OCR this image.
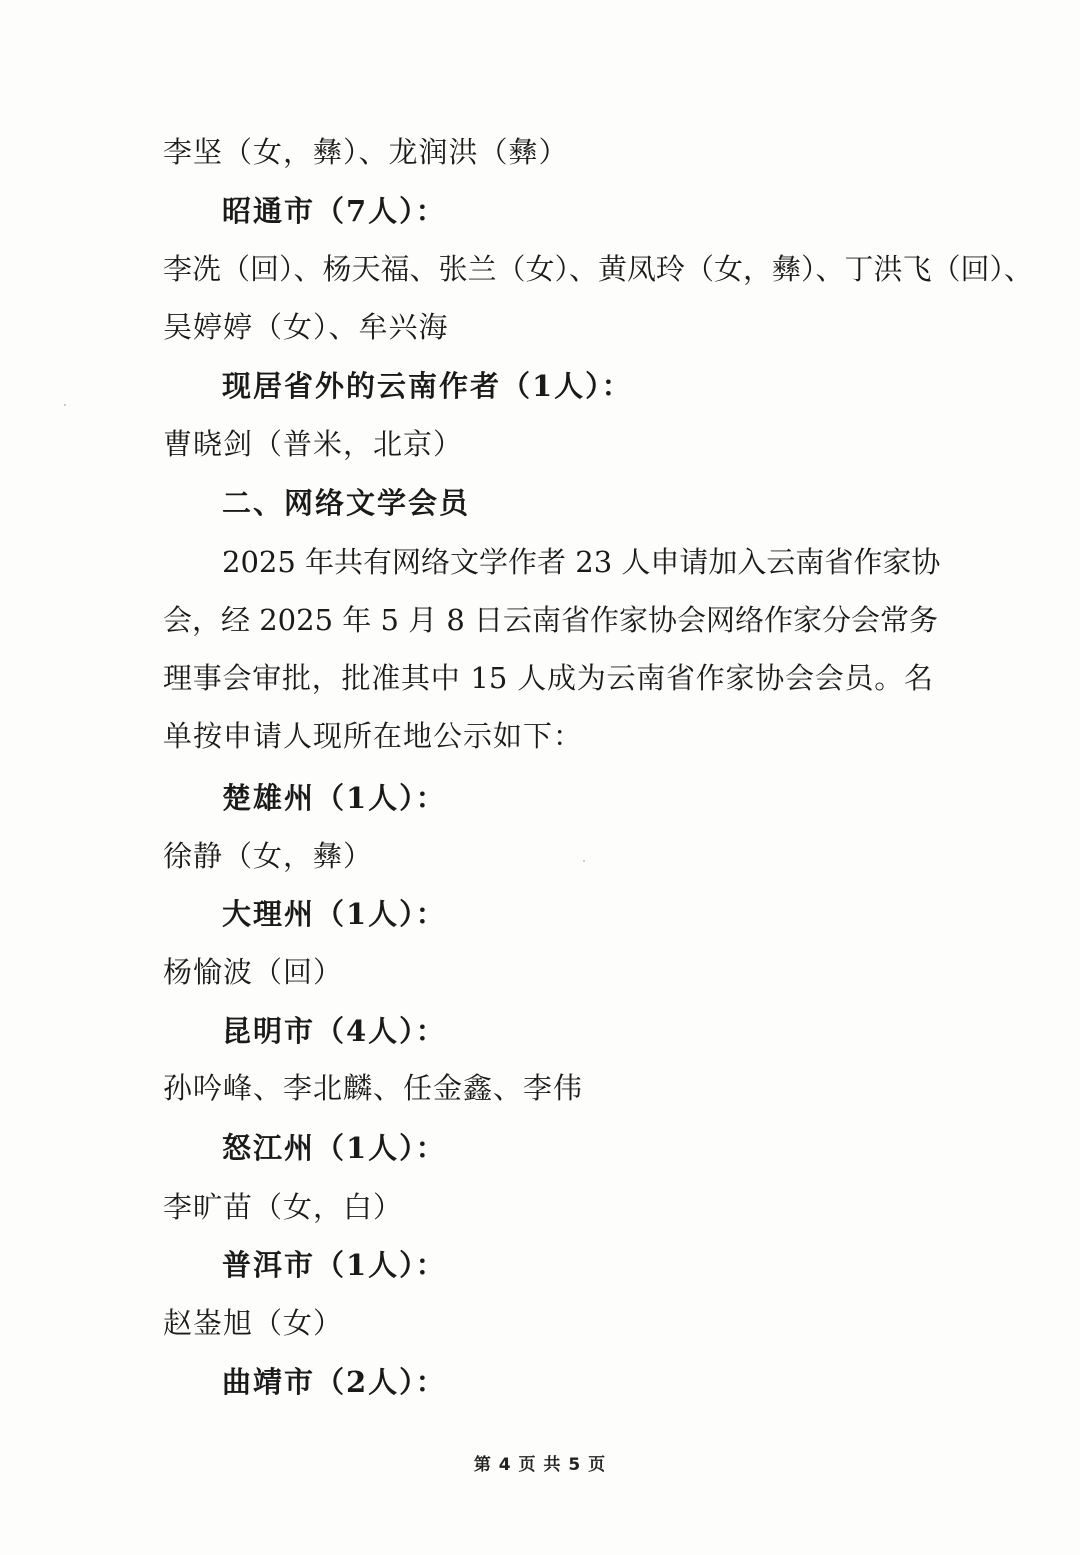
李坚（女，彝）、龙润洪（彝）
昭通市（7人）：
李冼（回）、杨天福、张兰（女）、黄凤玲（女，彝）、丁洪飞（回）、
吴婷婷（女）、牟兴海
现居省外的云南作者（1人）：
曹晓剑（普米，北京）
二、网络文学会员
2025 年共有网络文学作者 23 人申请加入云南省作家协
会，经 2025 年 5 月 8 日云南省作家协会网络作家分会常务
理事会审批，批准其中 15 人成为云南省作家协会会员。名
单按申请人现所在地公示如下：
楚雄州（1人）：
徐静（女，彝）
大理州（1人）：
杨愉波（回）
昆明市（4人）：
孙吟峰、李北麟、任金鑫、李伟
怒江州（1人）：
李旷苗（女，白）
普洱市（1人）：
赵崟旭（女）
曲靖市（2人）：
第 4 页 共 5 页
